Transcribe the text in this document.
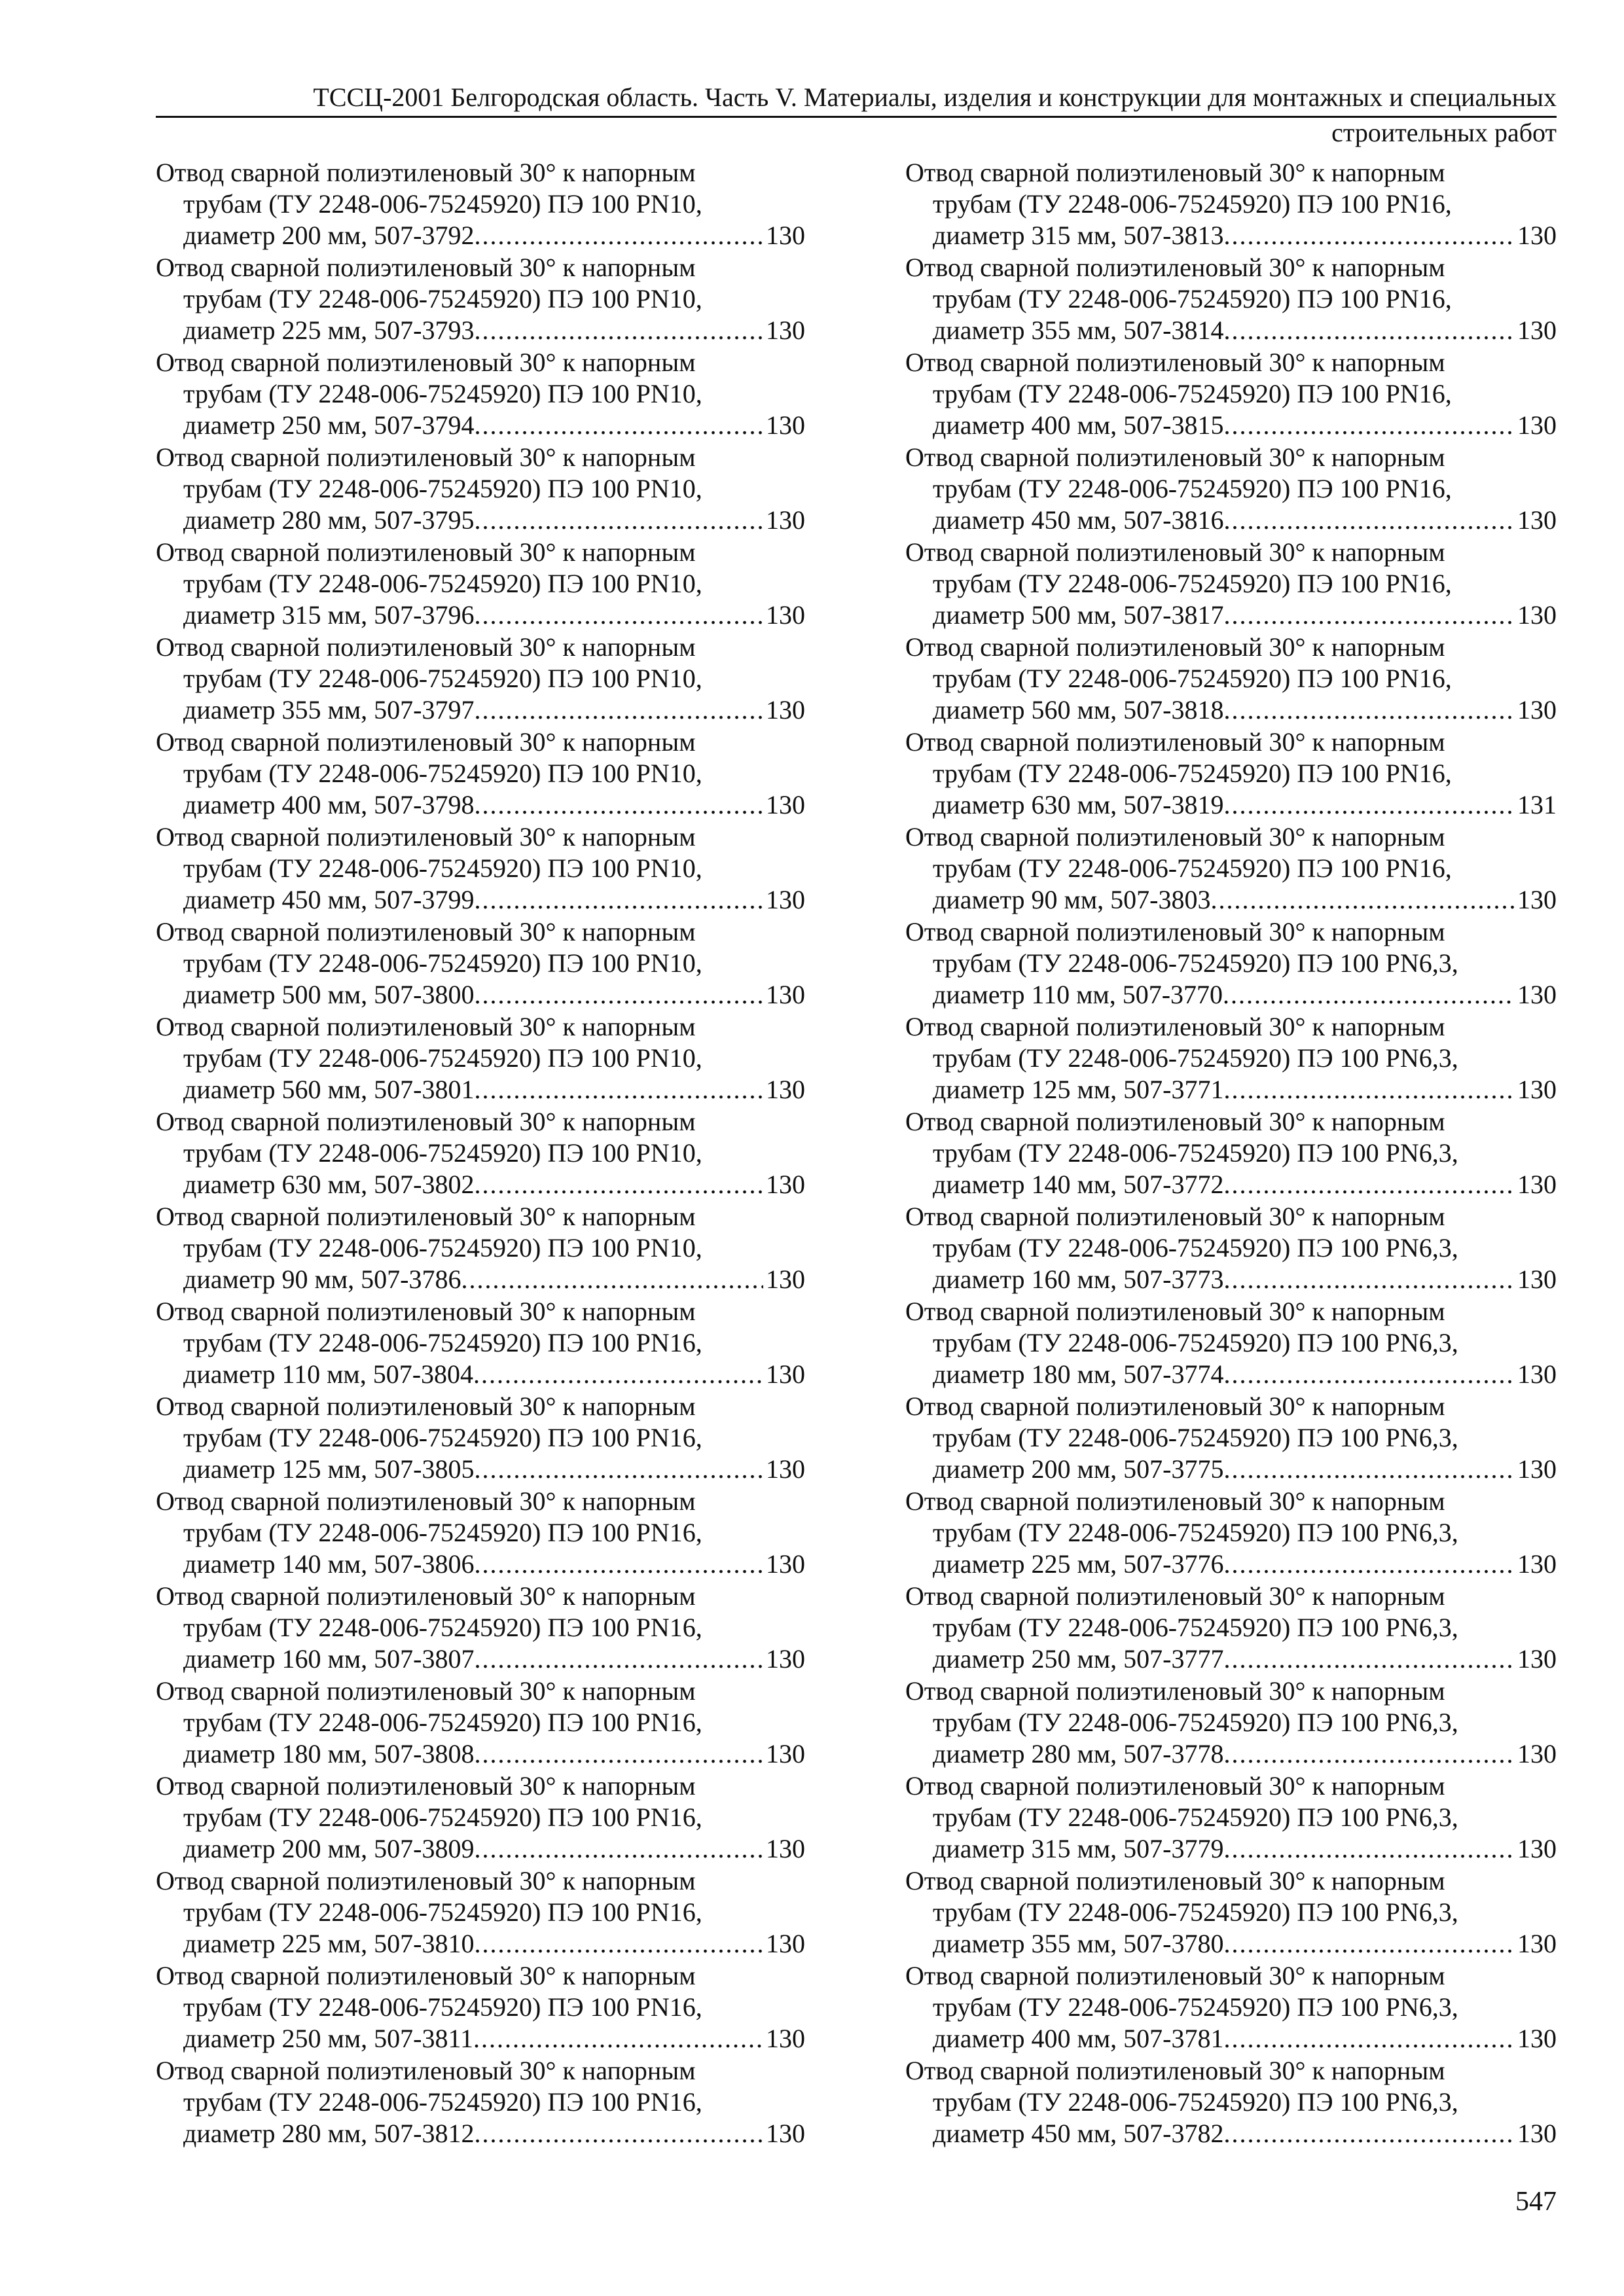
ТССЦ-2001 Белгородская область. Часть V. Материалы, изделия и конструкции для монтажных и специальных
строительных работ
Отвод сварной полиэтиленовый 30° к напорным
трубам (ТУ 2248-006-75245920) ПЭ 100 PN10,
диаметр 200 мм, 507-3792 .....	130
Отвод сварной полиэтиленовый 30° к напорным
трубам (ТУ 2248-006-75245920) ПЭ 100 PN10,
диаметр 225 мм, 507-3793 .....	130
Отвод сварной полиэтиленовый 30° к напорным
трубам (ТУ 2248-006-75245920) ПЭ 100 PN10,
диаметр 250 мм, 507-3794 .....	130
Отвод сварной полиэтиленовый 30° к напорным
трубам (ТУ 2248-006-75245920) ПЭ 100 PN10,
диаметр 280 мм, 507-3795 .....	130
Отвод сварной полиэтиленовый 30° к напорным
трубам (ТУ 2248-006-75245920) ПЭ 100 PN10,
диаметр 315 мм, 507-3796 .....	130
Отвод сварной полиэтиленовый 30° к напорным
трубам (ТУ 2248-006-75245920) ПЭ 100 PN10,
диаметр 355 мм, 507-3797 .....	130
Отвод сварной полиэтиленовый 30° к напорным
трубам (ТУ 2248-006-75245920) ПЭ 100 PN10,
диаметр 400 мм, 507-3798 .....	130
Отвод сварной полиэтиленовый 30° к напорным
трубам (ТУ 2248-006-75245920) ПЭ 100 PN10,
диаметр 450 мм, 507-3799 .....	130
Отвод сварной полиэтиленовый 30° к напорным
трубам (ТУ 2248-006-75245920) ПЭ 100 PN10,
диаметр 500 мм, 507-3800 .....	130
Отвод сварной полиэтиленовый 30° к напорным
трубам (ТУ 2248-006-75245920) ПЭ 100 PN10,
диаметр 560 мм, 507-3801 .....	130
Отвод сварной полиэтиленовый 30° к напорным
трубам (ТУ 2248-006-75245920) ПЭ 100 PN10,
диаметр 630 мм, 507-3802 .....	130
Отвод сварной полиэтиленовый 30° к напорным
трубам (ТУ 2248-006-75245920) ПЭ 100 PN10,
диаметр 90 мм, 507-3786 .....	130
Отвод сварной полиэтиленовый 30° к напорным
трубам (ТУ 2248-006-75245920) ПЭ 100 PN16,
диаметр 110 мм, 507-3804 .....	130
Отвод сварной полиэтиленовый 30° к напорным
трубам (ТУ 2248-006-75245920) ПЭ 100 PN16,
диаметр 125 мм, 507-3805 .....	130
Отвод сварной полиэтиленовый 30° к напорным
трубам (ТУ 2248-006-75245920) ПЭ 100 PN16,
диаметр 140 мм, 507-3806 .....	130
Отвод сварной полиэтиленовый 30° к напорным
трубам (ТУ 2248-006-75245920) ПЭ 100 PN16,
диаметр 160 мм, 507-3807 .....	130
Отвод сварной полиэтиленовый 30° к напорным
трубам (ТУ 2248-006-75245920) ПЭ 100 PN16,
диаметр 180 мм, 507-3808 .....	130
Отвод сварной полиэтиленовый 30° к напорным
трубам (ТУ 2248-006-75245920) ПЭ 100 PN16,
диаметр 200 мм, 507-3809 .....	130
Отвод сварной полиэтиленовый 30° к напорным
трубам (ТУ 2248-006-75245920) ПЭ 100 PN16,
диаметр 225 мм, 507-3810 .....	130
Отвод сварной полиэтиленовый 30° к напорным
трубам (ТУ 2248-006-75245920) ПЭ 100 PN16,
диаметр 250 мм, 507-3811 .....	130
Отвод сварной полиэтиленовый 30° к напорным
трубам (ТУ 2248-006-75245920) ПЭ 100 PN16,
диаметр 280 мм, 507-3812 .....	130
Отвод сварной полиэтиленовый 30° к напорным
трубам (ТУ 2248-006-75245920) ПЭ 100 PN16,
диаметр 315 мм, 507-3813 .....	130
Отвод сварной полиэтиленовый 30° к напорным
трубам (ТУ 2248-006-75245920) ПЭ 100 PN16,
диаметр 355 мм, 507-3814 .....	130
Отвод сварной полиэтиленовый 30° к напорным
трубам (ТУ 2248-006-75245920) ПЭ 100 PN16,
диаметр 400 мм, 507-3815 .....	130
Отвод сварной полиэтиленовый 30° к напорным
трубам (ТУ 2248-006-75245920) ПЭ 100 PN16,
диаметр 450 мм, 507-3816 .....	130
Отвод сварной полиэтиленовый 30° к напорным
трубам (ТУ 2248-006-75245920) ПЭ 100 PN16,
диаметр 500 мм, 507-3817 .....	130
Отвод сварной полиэтиленовый 30° к напорным
трубам (ТУ 2248-006-75245920) ПЭ 100 PN16,
диаметр 560 мм, 507-3818 .....	130
Отвод сварной полиэтиленовый 30° к напорным
трубам (ТУ 2248-006-75245920) ПЭ 100 PN16,
диаметр 630 мм, 507-3819 .....	131
Отвод сварной полиэтиленовый 30° к напорным
трубам (ТУ 2248-006-75245920) ПЭ 100 PN16,
диаметр 90 мм, 507-3803 .....	130
Отвод сварной полиэтиленовый 30° к напорным
трубам (ТУ 2248-006-75245920) ПЭ 100 PN6,3,
диаметр 110 мм, 507-3770 .....	130
Отвод сварной полиэтиленовый 30° к напорным
трубам (ТУ 2248-006-75245920) ПЭ 100 PN6,3,
диаметр 125 мм, 507-3771 .....	130
Отвод сварной полиэтиленовый 30° к напорным
трубам (ТУ 2248-006-75245920) ПЭ 100 PN6,3,
диаметр 140 мм, 507-3772 .....	130
Отвод сварной полиэтиленовый 30° к напорным
трубам (ТУ 2248-006-75245920) ПЭ 100 PN6,3,
диаметр 160 мм, 507-3773 .....	130
Отвод сварной полиэтиленовый 30° к напорным
трубам (ТУ 2248-006-75245920) ПЭ 100 PN6,3,
диаметр 180 мм, 507-3774 .....	130
Отвод сварной полиэтиленовый 30° к напорным
трубам (ТУ 2248-006-75245920) ПЭ 100 PN6,3,
диаметр 200 мм, 507-3775 .....	130
Отвод сварной полиэтиленовый 30° к напорным
трубам (ТУ 2248-006-75245920) ПЭ 100 PN6,3,
диаметр 225 мм, 507-3776 .....	130
Отвод сварной полиэтиленовый 30° к напорным
трубам (ТУ 2248-006-75245920) ПЭ 100 PN6,3,
диаметр 250 мм, 507-3777 .....	130
Отвод сварной полиэтиленовый 30° к напорным
трубам (ТУ 2248-006-75245920) ПЭ 100 PN6,3,
диаметр 280 мм, 507-3778 .....	130
Отвод сварной полиэтиленовый 30° к напорным
трубам (ТУ 2248-006-75245920) ПЭ 100 PN6,3,
диаметр 315 мм, 507-3779 .....	130
Отвод сварной полиэтиленовый 30° к напорным
трубам (ТУ 2248-006-75245920) ПЭ 100 PN6,3,
диаметр 355 мм, 507-3780 .....	130
Отвод сварной полиэтиленовый 30° к напорным
трубам (ТУ 2248-006-75245920) ПЭ 100 PN6,3,
диаметр 400 мм, 507-3781 .....	130
Отвод сварной полиэтиленовый 30° к напорным
трубам (ТУ 2248-006-75245920) ПЭ 100 PN6,3,
диаметр 450 мм, 507-3782 .....	130
547
